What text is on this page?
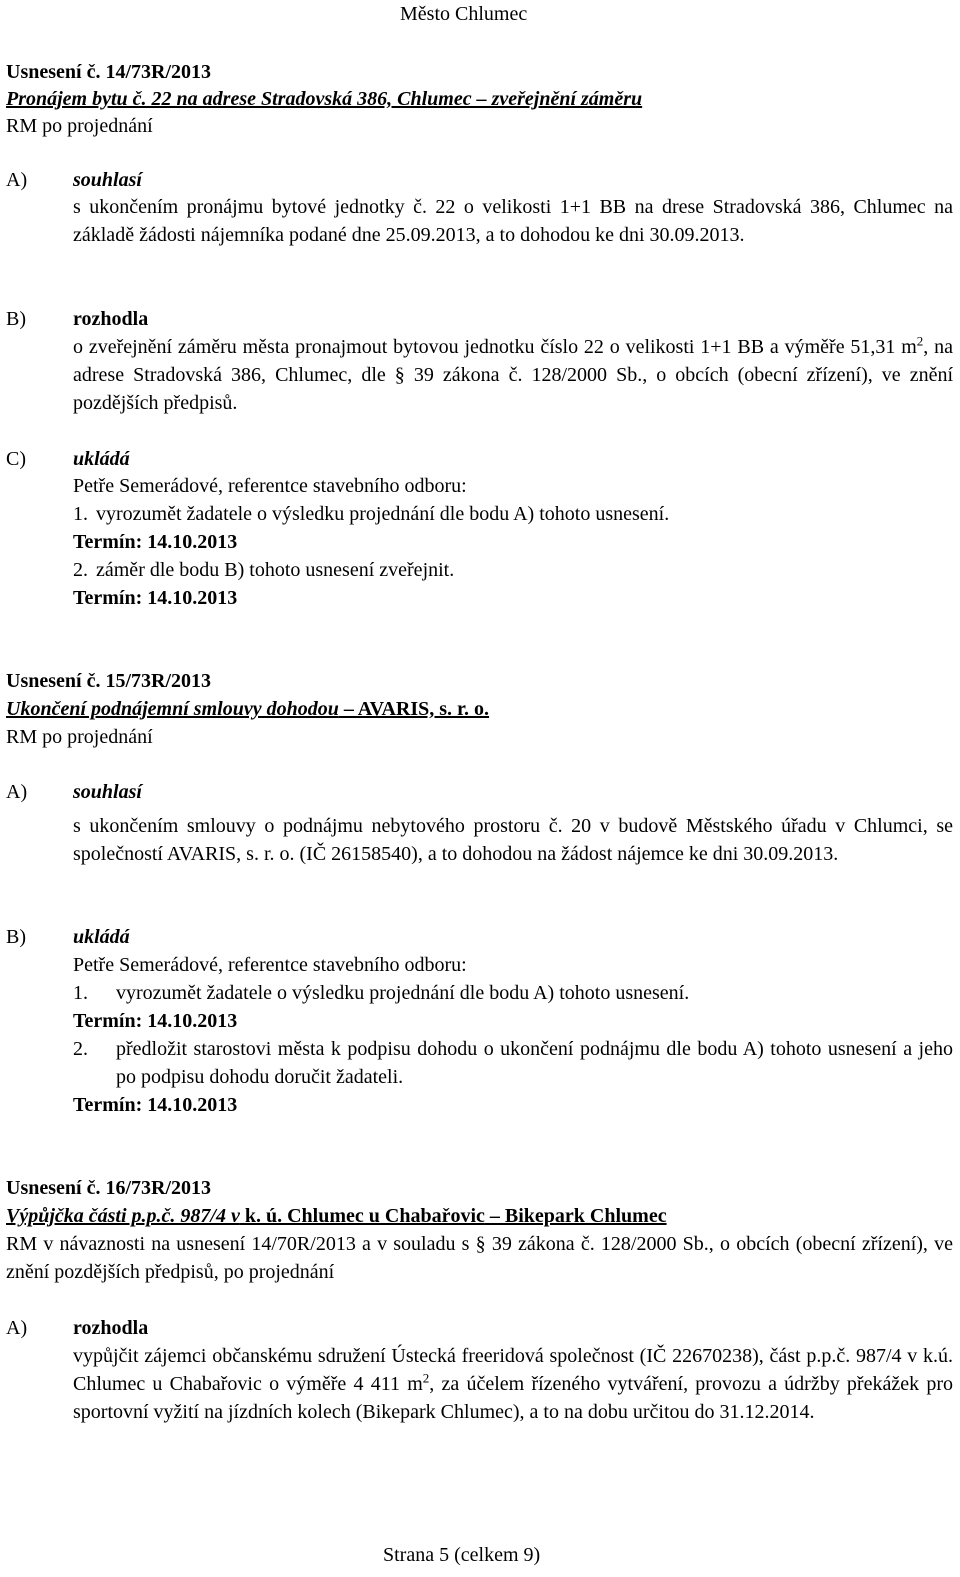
Město Chlumec
Usnesení č. 14/73R/2013
Pronájem bytu č. 22 na adrese Stradovská 386, Chlumec – zveřejnění záměru
RM po projednání
A) souhlasí
s ukončením pronájmu bytové jednotky č. 22 o velikosti 1+1 BB na drese Stradovská 386, Chlumec na základě žádosti nájemníka podané dne 25.09.2013, a to dohodou ke dni 30.09.2013.
B) rozhodla
o zveřejnění záměru města pronajmout bytovou jednotku číslo 22 o velikosti 1+1 BB a výměře 51,31 $m^2$, na adrese Stradovská 386, Chlumec, dle § 39 zákona č. 128/2000 Sb., o obcích (obecní zřízení), ve znění pozdějších předpisů.
C) ukládá
Petře Semerádové, referentce stavebního odboru:
1. vyrozumět žadatele o výsledku projednání dle bodu A) tohoto usnesení.
Termín: 14.10.2013
2. záměr dle bodu B) tohoto usnesení zveřejnit.
Termín: 14.10.2013
Usnesení č. 15/73R/2013
Ukončení podnájemní smlouvy dohodou – AVARIS, s. r. o.
RM po projednání
A) souhlasí
s ukončením smlouvy o podnájmu nebytového prostoru č. 20 v budově Městského úřadu v Chlumci, se společností AVARIS, s. r. o. (IČ 26158540), a to dohodou na žádost nájemce ke dni 30.09.2013.
B) ukládá
Petře Semerádové, referentce stavebního odboru:
1. vyrozumět žadatele o výsledku projednání dle bodu A) tohoto usnesení.
Termín: 14.10.2013
2. předložit starostovi města k podpisu dohodu o ukončení podnájmu dle bodu A) tohoto usnesení a jeho po podpisu dohodu doručit žadateli.
Termín: 14.10.2013
Usnesení č. 16/73R/2013
Výpůjčka části p.p.č. 987/4 v k. ú. Chlumec u Chabařovic – Bikepark Chlumec
RM v návaznosti na usnesení 14/70R/2013 a v souladu s § 39 zákona č. 128/2000 Sb., o obcích (obecní zřízení), ve znění pozdějších předpisů, po projednání
A) rozhodla
vypůjčit zájemci občanskému sdružení Ústecká freeridová společnost (IČ 22670238), část p.p.č. 987/4 v k.ú. Chlumec u Chabařovic o výměře 4 411 $m^2$, za účelem řízeného vytváření, provozu a údržby překážek pro sportovní vyžití na jízdních kolech (Bikepark Chlumec), a to na dobu určitou do 31.12.2014.
Strana 5 (celkem 9)
